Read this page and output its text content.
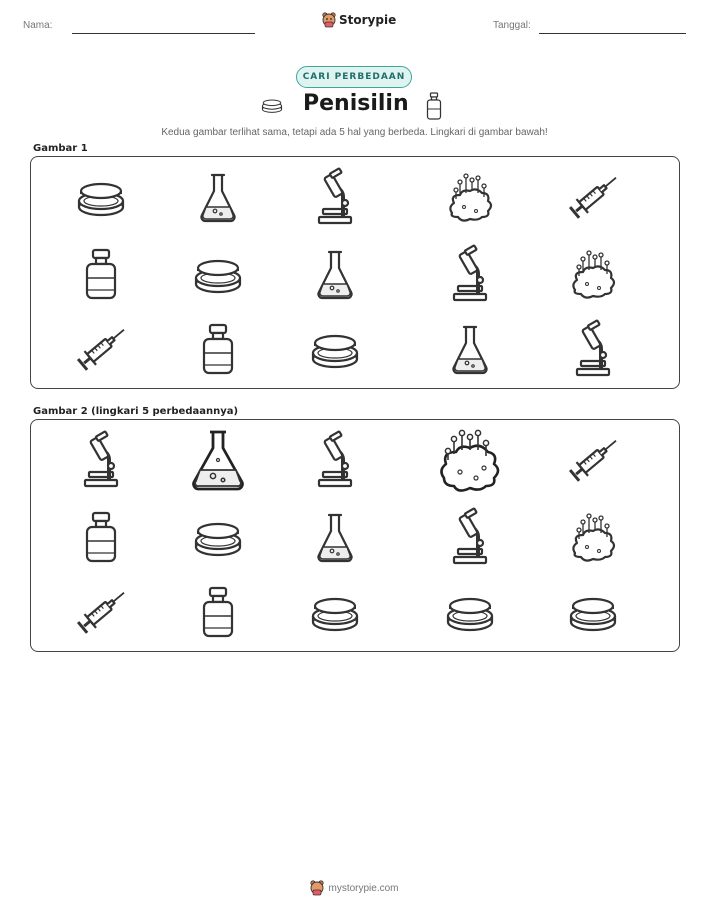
Nama:	Storypie	Tanggal:
CARI PERBEDAAN
Penisilin
Kedua gambar terlihat sama, tetapi ada 5 hal yang berbeda. Lingkari di gambar bawah!
Gambar 1
Gambar 2 (lingkari 5 perbedaannya)
mystorypie.com
